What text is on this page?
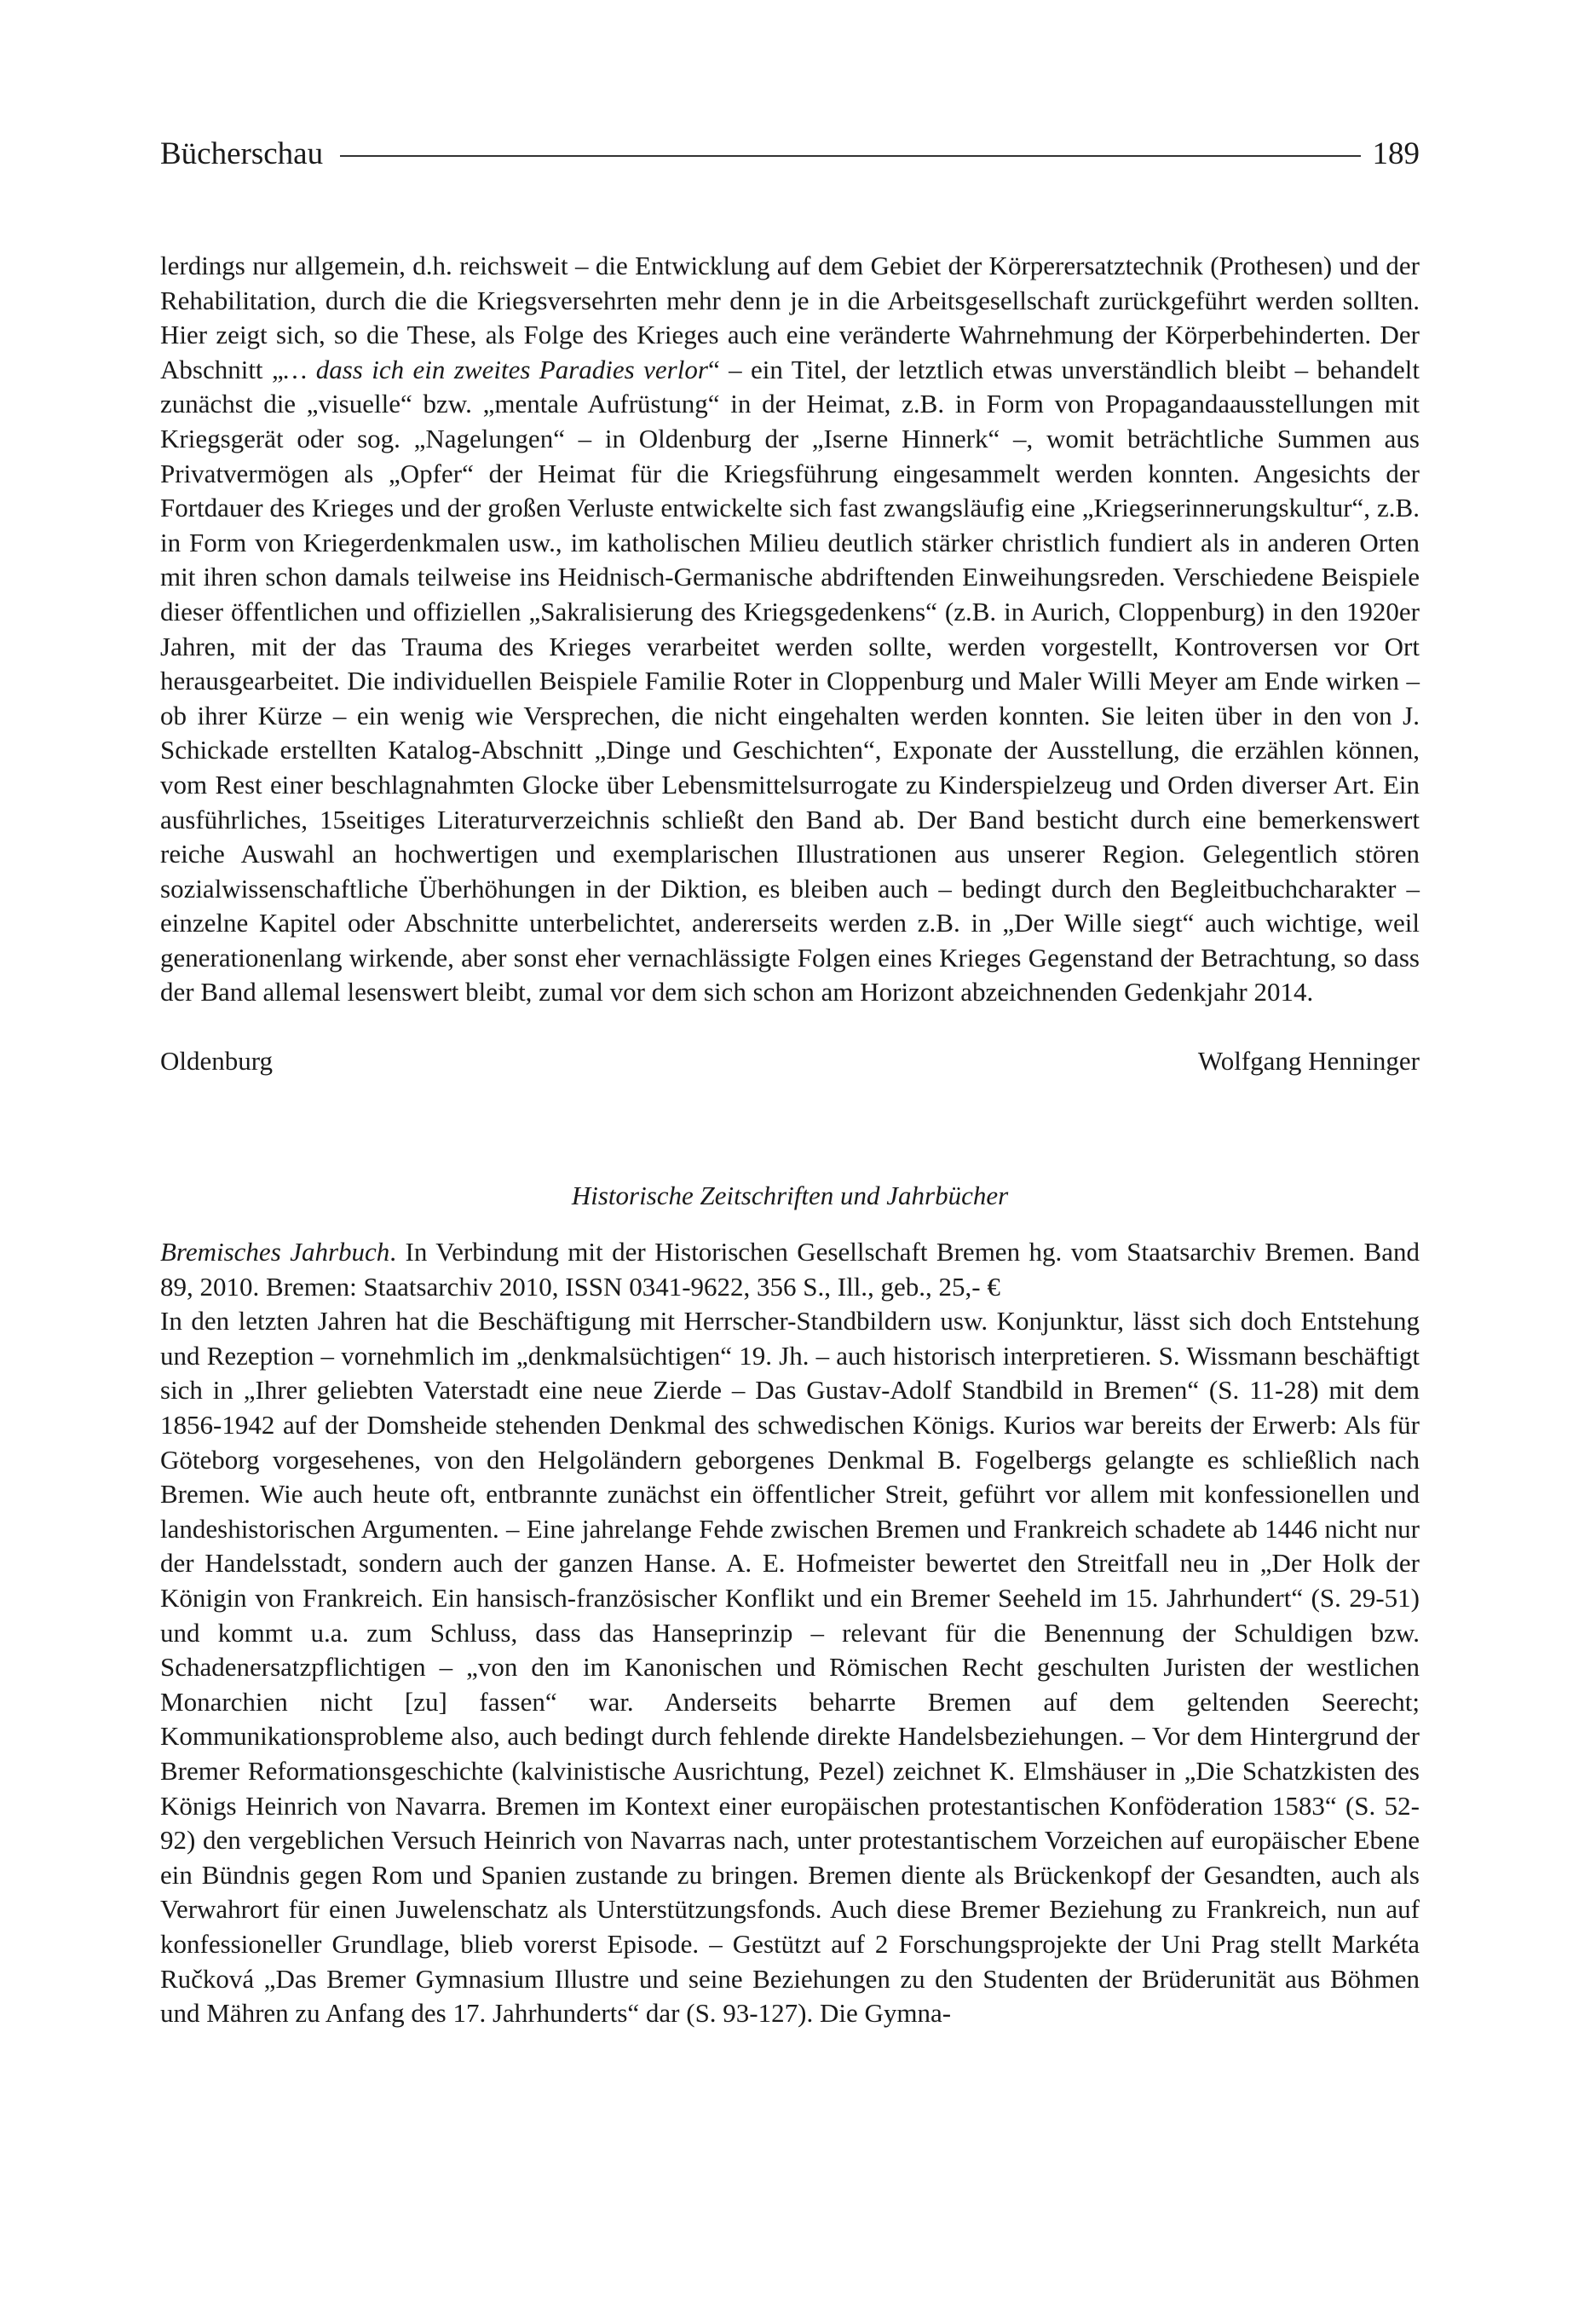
Bücherschau	189

lerdings nur allgemein, d.h. reichsweit – die Entwicklung auf dem Gebiet der Körperersatztechnik (Prothesen) und der Rehabilitation, durch die die Kriegsversehrten mehr denn je in die Arbeitsgesellschaft zurückgeführt werden sollten. Hier zeigt sich, so die These, als Folge des Krieges auch eine veränderte Wahrnehmung der Körperbehinderten. Der Abschnitt „… dass ich ein zweites Paradies verlor“ – ein Titel, der letztlich etwas unverständlich bleibt – behandelt zunächst die „visuelle“ bzw. „mentale Aufrüstung“ in der Heimat, z.B. in Form von Propagandaausstellungen mit Kriegsgerät oder sog. „Nagelungen“ – in Oldenburg der „Iserne Hinnerk“ –, womit beträchtliche Summen aus Privatvermögen als „Opfer“ der Heimat für die Kriegsführung eingesammelt werden konnten. Angesichts der Fortdauer des Krieges und der großen Verluste entwickelte sich fast zwangsläufig eine „Kriegserinnerungskultur“, z.B. in Form von Kriegerdenkmalen usw., im katholischen Milieu deutlich stärker christlich fundiert als in anderen Orten mit ihren schon damals teilweise ins Heidnisch-Germanische abdriftenden Einweihungsreden. Verschiedene Beispiele dieser öffentlichen und offiziellen „Sakralisierung des Kriegsgedenkens“ (z.B. in Aurich, Cloppenburg) in den 1920er Jahren, mit der das Trauma des Krieges verarbeitet werden sollte, werden vorgestellt, Kontroversen vor Ort herausgearbeitet. Die individuellen Beispiele Familie Roter in Cloppenburg und Maler Willi Meyer am Ende wirken – ob ihrer Kürze – ein wenig wie Versprechen, die nicht eingehalten werden konnten. Sie leiten über in den von J. Schickade erstellten Katalog-Abschnitt „Dinge und Geschichten“, Exponate der Ausstellung, die erzählen können, vom Rest einer beschlagnahmten Glocke über Lebensmittelsurrogate zu Kinderspielzeug und Orden diverser Art. Ein ausführliches, 15seitiges Literaturverzeichnis schließt den Band ab. Der Band besticht durch eine bemerkenswert reiche Auswahl an hochwertigen und exemplarischen Illustrationen aus unserer Region. Gelegentlich stören sozialwissenschaftliche Überhöhungen in der Diktion, es bleiben auch – bedingt durch den Begleitbuchcharakter – einzelne Kapitel oder Abschnitte unterbelichtet, andererseits werden z.B. in „Der Wille siegt“ auch wichtige, weil generationenlang wirkende, aber sonst eher vernachlässigte Folgen eines Krieges Gegenstand der Betrachtung, so dass der Band allemal lesenswert bleibt, zumal vor dem sich schon am Horizont abzeichnenden Gedenkjahr 2014.

Oldenburg	Wolfgang Henninger
Historische Zeitschriften und Jahrbücher

Bremisches Jahrbuch. In Verbindung mit der Historischen Gesellschaft Bremen hg. vom Staatsarchiv Bremen. Band 89, 2010. Bremen: Staatsarchiv 2010, ISSN 0341-9622, 356 S., Ill., geb., 25,- €

In den letzten Jahren hat die Beschäftigung mit Herrscher-Standbildern usw. Konjunktur, lässt sich doch Entstehung und Rezeption – vornehmlich im „denkmalsüchtigen“ 19. Jh. – auch historisch interpretieren. S. Wissmann beschäftigt sich in „Ihrer geliebten Vaterstadt eine neue Zierde – Das Gustav-Adolf Standbild in Bremen“ (S. 11-28) mit dem 1856-1942 auf der Domsheide stehenden Denkmal des schwedischen Königs. Kurios war bereits der Erwerb: Als für Göteborg vorgesehenes, von den Helgoländern geborgenes Denkmal B. Fogelbergs gelangte es schließlich nach Bremen. Wie auch heute oft, entbrannte zunächst ein öffentlicher Streit, geführt vor allem mit konfessionellen und landeshistorischen Argumenten. – Eine jahrelange Fehde zwischen Bremen und Frankreich schadete ab 1446 nicht nur der Handelsstadt, sondern auch der ganzen Hanse. A. E. Hofmeister bewertet den Streitfall neu in „Der Holk der Königin von Frankreich. Ein hansisch-französischer Konflikt und ein Bremer Seeheld im 15. Jahrhundert“ (S. 29-51) und kommt u.a. zum Schluss, dass das Hanseprinzip – relevant für die Benennung der Schuldigen bzw. Schadenersatzpflichtigen – „von den im Kanonischen und Römischen Recht geschulten Juristen der westlichen Monarchien nicht [zu] fassen“ war. Anderseits beharrte Bremen auf dem geltenden Seerecht; Kommunikationsprobleme also, auch bedingt durch fehlende direkte Handelsbeziehungen. – Vor dem Hintergrund der Bremer Reformationsgeschichte (kalvinistische Ausrichtung, Pezel) zeichnet K. Elmshäuser in „Die Schatzkisten des Königs Heinrich von Navarra. Bremen im Kontext einer europäischen protestantischen Konföderation 1583“ (S. 52-92) den vergeblichen Versuch Heinrich von Navarras nach, unter protestantischem Vorzeichen auf europäischer Ebene ein Bündnis gegen Rom und Spanien zustande zu bringen. Bremen diente als Brückenkopf der Gesandten, auch als Verwahrort für einen Juwelenschatz als Unterstützungsfonds. Auch diese Bremer Beziehung zu Frankreich, nun auf konfessioneller Grundlage, blieb vorerst Episode. – Gestützt auf 2 Forschungsprojekte der Uni Prag stellt Markéta Ručková „Das Bremer Gymnasium Illustre und seine Beziehungen zu den Studenten der Brüderunität aus Böhmen und Mähren zu Anfang des 17. Jahrhunderts“ dar (S. 93-127). Die Gymna-
